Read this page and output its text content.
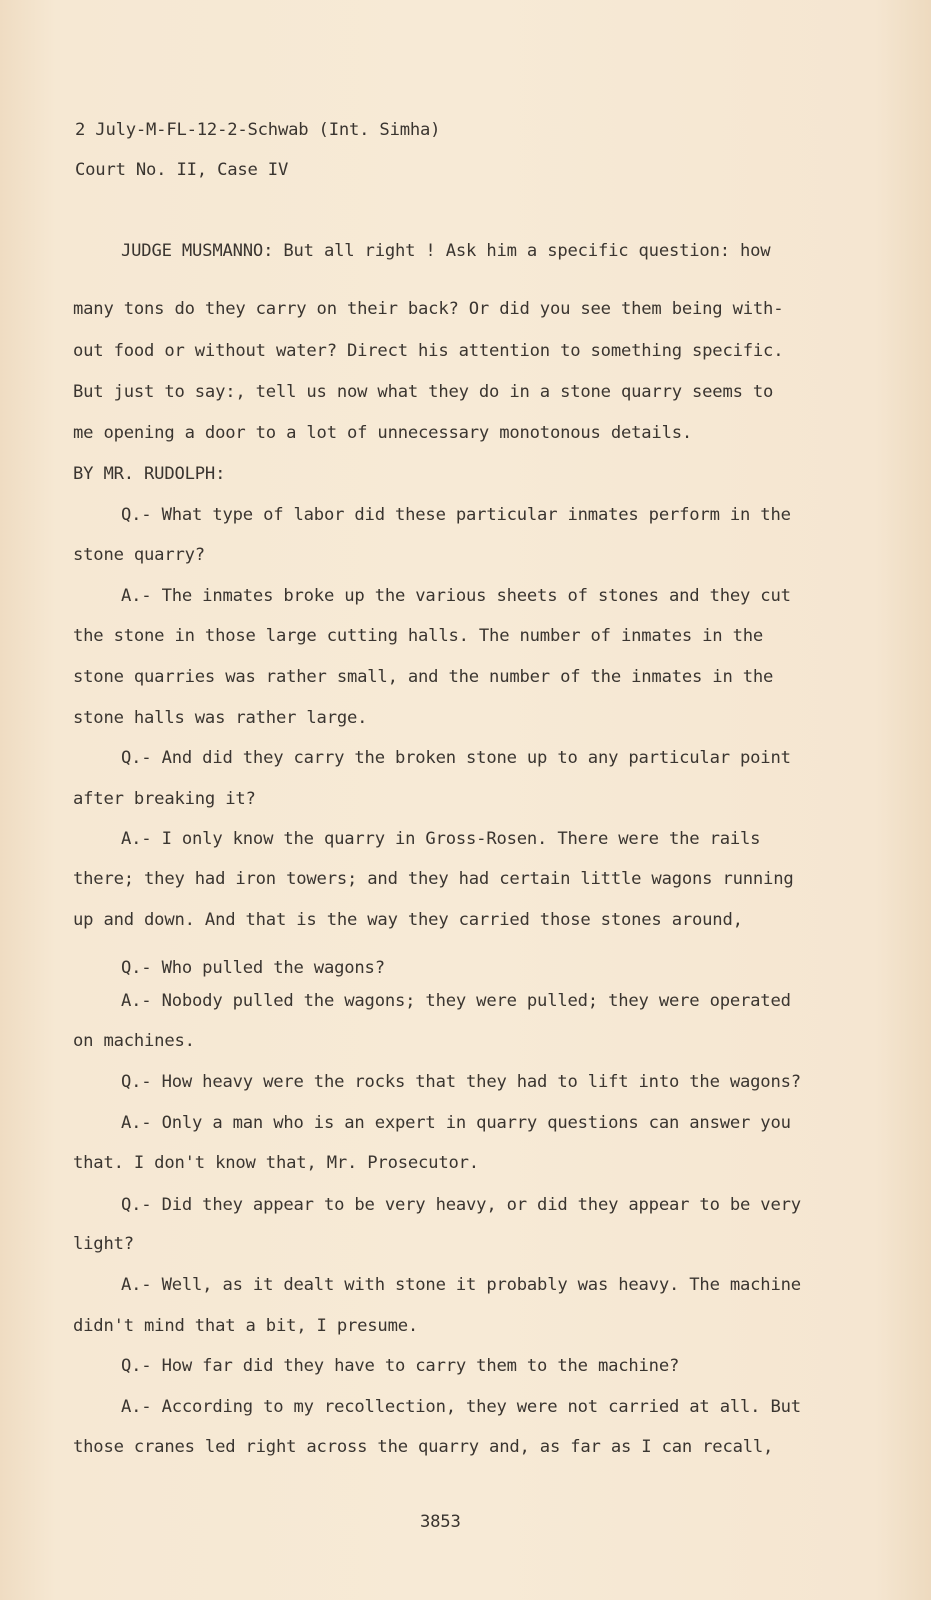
2 July-M-FL-12-2-Schwab (Int. Simha)
Court No. II, Case IV
JUDGE MUSMANNO: But all right ! Ask him a specific question: how
many tons do they carry on their back? Or did you see them being with-
out food or without water? Direct his attention to something specific.
But just to say:, tell us now what they do in a stone quarry seems to
me opening a door to a lot of unnecessary monotonous details.
BY MR. RUDOLPH:
Q.- What type of labor did these particular inmates perform in the
stone quarry?
A.- The inmates broke up the various sheets of stones and they cut
the stone in those large cutting halls. The number of inmates in the
stone quarries was rather small, and the number of the inmates in the
stone halls was rather large.
Q.- And did they carry the broken stone up to any particular point
after breaking it?
A.- I only know the quarry in Gross-Rosen. There were the rails
there; they had iron towers; and they had certain little wagons running
up and down. And that is the way they carried those stones around,
Q.- Who pulled the wagons?
A.- Nobody pulled the wagons; they were pulled; they were operated
on machines.
Q.- How heavy were the rocks that they had to lift into the wagons?
A.- Only a man who is an expert in quarry questions can answer you
that. I don't know that, Mr. Prosecutor.
Q.- Did they appear to be very heavy, or did they appear to be very
light?
A.- Well, as it dealt with stone it probably was heavy. The machine
didn't mind that a bit, I presume.
Q.- How far did they have to carry them to the machine?
A.- According to my recollection, they were not carried at all. But
those cranes led right across the quarry and, as far as I can recall,
3853
